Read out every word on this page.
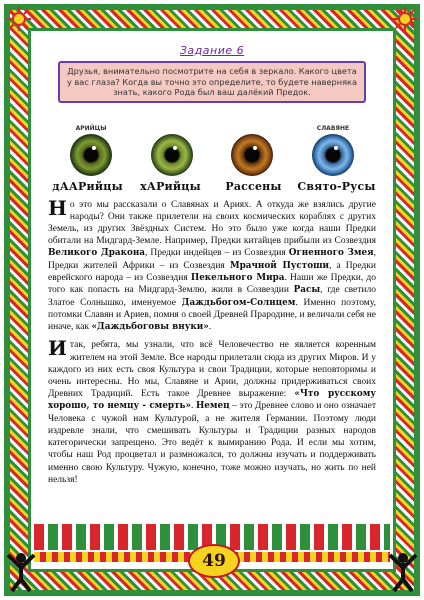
49
Задание 6
Друзья, внимательно посмотрите на себя в зеркало. Какого цвета у вас глаза? Когда вы точно это определите, то будете наверняка знать, какого Рода был ваш далёкий Предок.
АРИЙЦЫ	СЛАВЯНЕ
дААРийцы	хАРийцы	Рассены	Свято-Русы

Но это мы рассказали о Славянах и Ариях. А откуда же взялись другие народы? Они также прилетели на своих космических кораблях с других Земель, из других Звёздных Систем. Но это было уже когда наши Предки обитали на Мидгард-Земле. Например, Предки китайцев прибыли из Созвездия Великого Дракона, Предки индейцев – из Созвездия Огненного Змея, Предки жителей Африки – из Созвездия Мрачной Пустоши, а Предки еврейского народа – из Созвездия Пекельного Мира. Наши же Предки, до того как попасть на Мидгард-Землю, жили в Созвездии Расы, где светило Златое Солнышко, именуемое Даждьбогом-Солнцем. Именно поэтому, потомки Славян и Ариев, помня о своей Древней Прародине, и величали себя не иначе, как «Даждьбоговы внуки».

Итак, ребята, мы узнали, что всё Человечество не является коренным жителем на этой Земле. Все народы прилетали сюда из других Миров. И у каждого из них есть своя Культура и свои Традиции, которые неповторимы и очень интересны. Но мы, Славяне и Арии, должны придерживаться своих Древних Традиций. Есть такое Древнее выражение: «Что русскому хорошо, то немцу - смерть». Немец – это Древнее слово и оно означает Человека с чужой нам Культурой, а не жителя Германии. Поэтому люди издревле знали, что смешивать Культуры и Традиции разных народов категорически запрещено. Это ведёт к вымиранию Рода. И если мы хотим, чтобы наш Род процветал и размножался, то должны изучать и поддерживать именно свою Культуру. Чужую, конечно, тоже можно изучать, но жить по ней нельзя!
